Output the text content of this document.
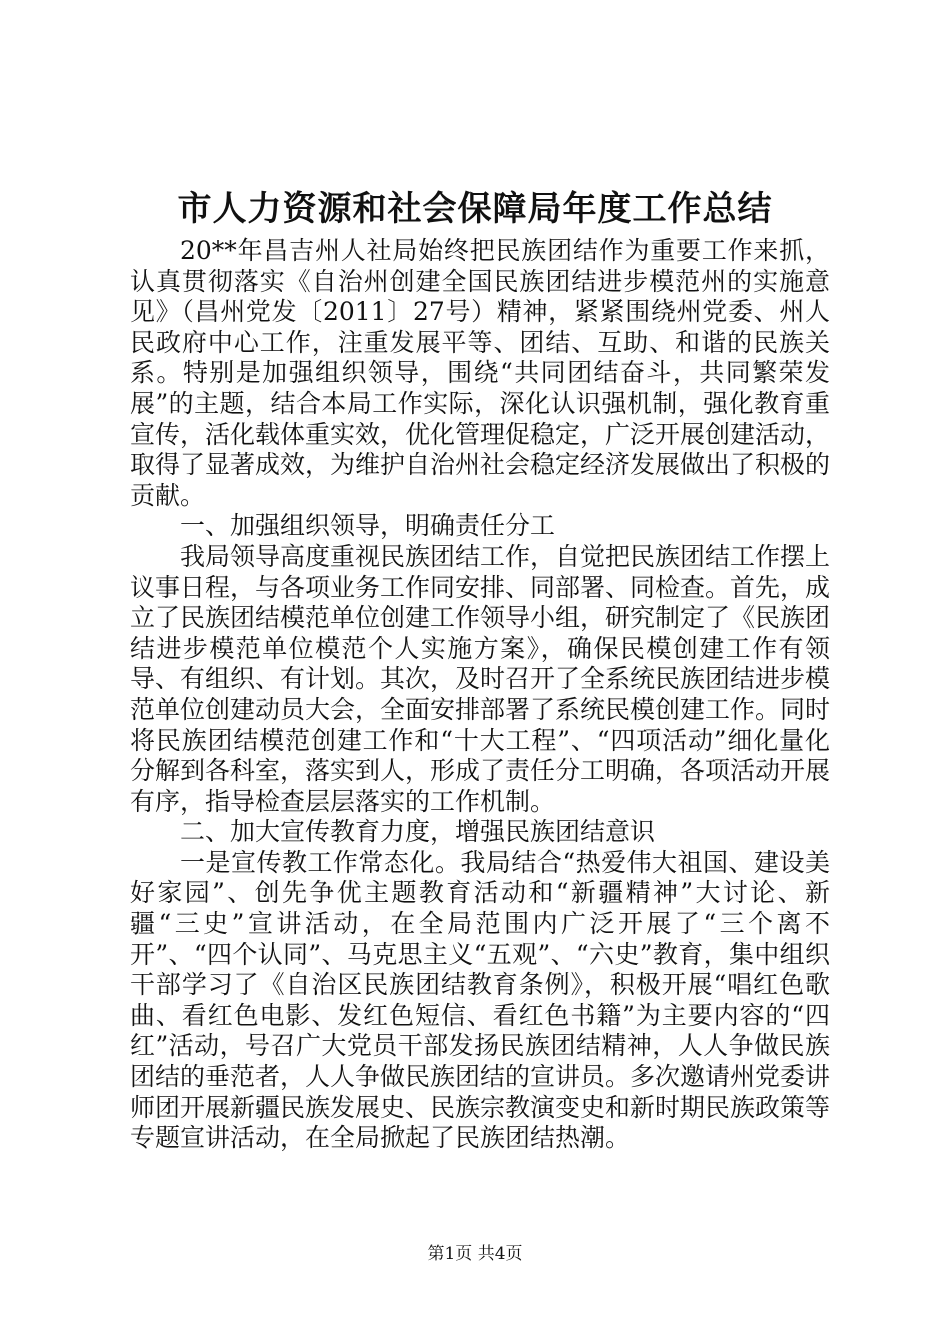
市人力资源和社会保障局年度工作总结

20**年昌吉州人社局始终把民族团结作为重要工作来抓，认真贯彻落实《自治州创建全国民族团结进步模范州的实施意见》（昌州党发〔2011〕27号）精神，紧紧围绕州党委、州人民政府中心工作，注重发展平等、团结、互助、和谐的民族关系。特别是加强组织领导，围绕“共同团结奋斗，共同繁荣发展”的主题，结合本局工作实际，深化认识强机制，强化教育重宣传，活化载体重实效，优化管理促稳定，广泛开展创建活动，取得了显著成效，为维护自治州社会稳定经济发展做出了积极的贡献。

一、加强组织领导，明确责任分工

我局领导高度重视民族团结工作，自觉把民族团结工作摆上议事日程，与各项业务工作同安排、同部署、同检查。首先，成立了民族团结模范单位创建工作领导小组，研究制定了《民族团结进步模范单位模范个人实施方案》，确保民模创建工作有领导、有组织、有计划。其次，及时召开了全系统民族团结进步模范单位创建动员大会，全面安排部署了系统民模创建工作。同时将民族团结模范创建工作和“十大工程”、“四项活动”细化量化分解到各科室，落实到人，形成了责任分工明确，各项活动开展有序，指导检查层层落实的工作机制。

二、加大宣传教育力度，增强民族团结意识

一是宣传教工作常态化。我局结合“热爱伟大祖国、建设美好家园”、创先争优主题教育活动和“新疆精神”大讨论、新疆“三史”宣讲活动，在全局范围内广泛开展了“三个离不开”、“四个认同”、马克思主义“五观”、“六史”教育，集中组织干部学习了《自治区民族团结教育条例》，积极开展“唱红色歌曲、看红色电影、发红色短信、看红色书籍”为主要内容的“四红”活动，号召广大党员干部发扬民族团结精神，人人争做民族团结的垂范者，人人争做民族团结的宣讲员。多次邀请州党委讲师团开展新疆民族发展史、民族宗教演变史和新时期民族政策等专题宣讲活动，在全局掀起了民族团结热潮。

第1页 共4页
